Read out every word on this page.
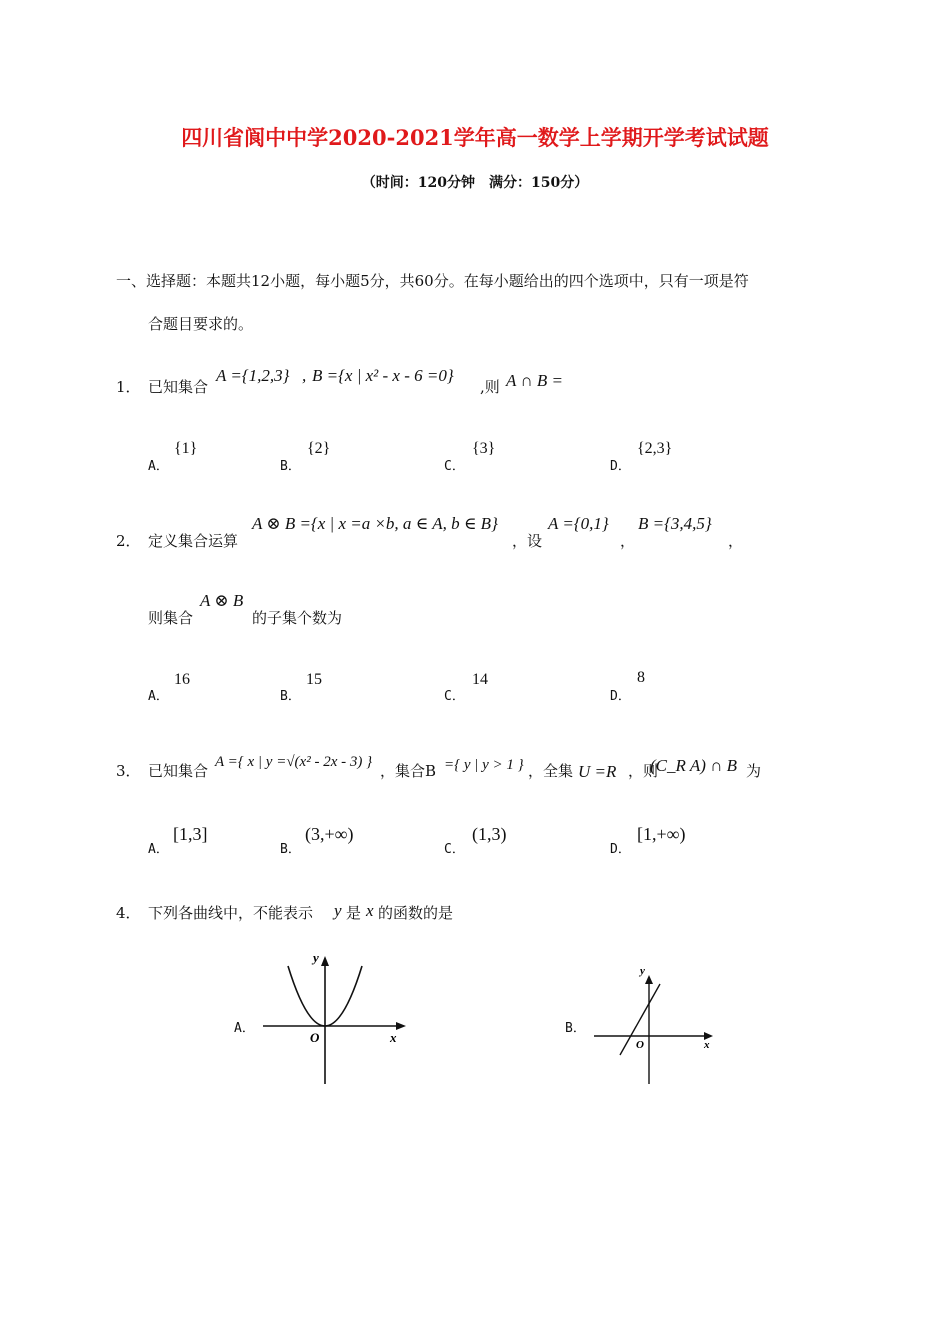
四川省阆中中学2020-2021学年高一数学上学期开学考试试题
（时间：120分钟　满分：150分）
一、选择题：本题共12小题，每小题5分，共60分。在每小题给出的四个选项中，只有一项是符
合题目要求的。
1． 已知集合
A ={1,2,3} , B ={x | x² - x - 6 =0}
,则 A ∩ B =
A．
{1}
B．
{2}
C．
{3}
D．
{2,3}
2． 定义集合运算
A ⊗ B ={x | x =a ×b, a ∈ A, b ∈ B}
，设
A ={0,1}
，
B ={3,4,5}
，
则集合
A ⊗ B
的子集个数为
A．
16
B．
15
C．
14
D．
8
3． 已知集合 A ={ x | y =√(x² - 2x - 3) } ，集合B ={ y | y > 1 } ，全集 U =R ，则
(C_R A) ∩ B 为
A．
[1,3]
B．
(3,+∞)
C．
(1,3)
D．
[1,+∞)
4． 下列各曲线中，不能表示 y 是 x 的函数的是
A．
y
x
O
B．
y
x
O
